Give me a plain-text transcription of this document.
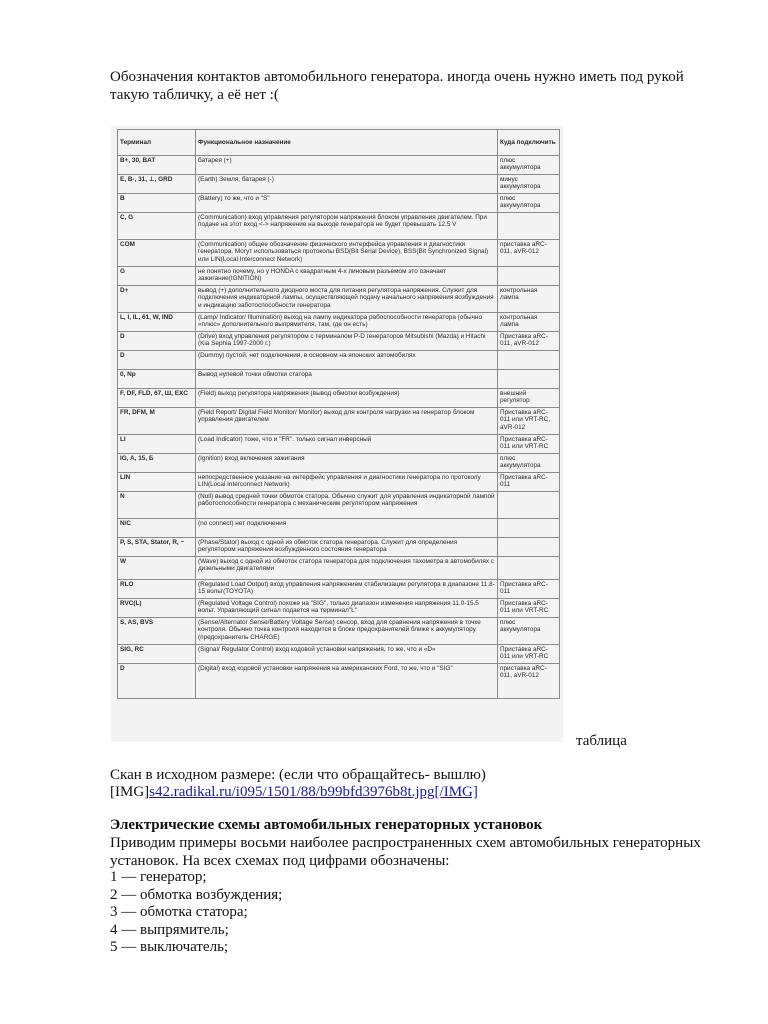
Обозначения контактов автомобильного генератора. иногда очень нужно иметь под рукой такую табличку, а её нет :(

Терминал	Функциональное назначение	Куда подключить
B+, 30, BAT	батарея (+)	плюс аккумулятора
E, B-, 31, ⊥, GRD	(Earth) Земля, батарея (-)	минус аккумулятора
B	(Battery) то же, что и "S"	плюс аккумулятора
C, G	(Communication) вход управления регулятором напряжения блоком управления двигателем. При подаче на этот вход <-> напряжение на выходе генератора не будет превышать 12.5 V	
COM	(Communication) общее обозначение физического интерфейса управления и диагностики генератора. Могут использоваться протоколы BSD(Bit Serial Device), BSS(Bit Synchronized Signal) или LIN(Local Interconnect Network)	приставка aRC-011, aVR-012
G	не понятно почему, но у HONDA с квадратным 4-х пиновым разъемом это означает зажигание(IGNITION)	
D+	вывод (+) дополнительного диодного моста для питания регулятора напряжения. Служит для подключения индикаторной лампы, осуществляющей подачу начального напряжения возбуждения и индикацию заботоспособности генератора	контрольная лампа
L, I, IL, 61, W, IND	(Lamp/ Indicator/ Illumination) выход на лампу индикатора рабоcпособности генератора (обычно «плюс» дополнительного выпрямителя, там, где он есть)	контрольная лампа
D	(Drive) вход управления регулятором с терминалом P-D генераторов Mitsubishi (Mazda) и Hitachi (Kia Sephia 1997-2000 г.)	Приставка aRC-011, aVR-012
D	(Dummy) пустой, нет подключения, в основном на японских автомобилях	
0, Np	Вывод нулевой точки обмотки статора	
F, DF, FLD, 67, Ш, EXC	(Field) выход регулятора напряжения (вывод обмотки возбуждения)	внешний регулятор
FR, DFM, M	(Field Report/ Digital Field Monitor/ Monitor) выход для контроля нагрузки на генератор блоком управления двигателем	Приставка aRC-011 или VRT-RC, aVR-012
LI	(Load Indicator) тоже, что и "FR". только сигнал инверсный	Приставка aRC-011 или VRT-RC
IG, A, 15, Б	(Ignition) вход включения зажигания	плюс аккумулятора
LIN	непосредственное указание на интерфейс управления и диагностики генератора по протоколу LIN(Local Interconnect Network)	Приставка aRC-011
N	(Null) вывод средней точки обмоток статора. Обычно служит для управления индикаторной лампой работоспособности генератора с механическим регулятором напряжения	
N/C	(no connect) нет подключения	
P, S, STA, Stator, R, ~	(Phase/Stator) выход с одной из обмоток статора генератора. Служит для определения регулятором напряжения возбужденного состояния генератора	
W	(Wave) выход с одной из обмоток статора генератора для подключения тахометра в автомобилях с дизельными двигателями	
RLO	(Regulated Load Output) вход управления напряжением стабилизации регулятора в диапазоне 11.8-15 вольт(TOYOTA)	Приставка aRC-011
RVC(L)	(Regulated Voltage Control) похоже на "SIG", только диапазон изменения напряжения 11.0-15.5 вольт. Управляющий сигнал подается на терминал"L"	Приставка aRC-011 или VRT-RC
S, AS, BVS	(Sense/Alternator Sense/Battery Voltage Sense) сенсор, вход для сравнения напряжения в точке контроля. Обычно точка контроля находится в блоке предохранителей ближе к аккумулятору (предохранитель CHARGE)	плюс аккумулятора
SIG, RC	(Signal/ Regulator Control) вход кодовой установки напряжения, то же, что и «D»	Приставка aRC-011 или VRT-RC
D	(Digital) вход кодовой установки напряжения на американских Ford, то же, что и "SIG"	приставка aRC-011, aVR-012

таблица

Скан в исходном размере: (если что обращайтесь- вышлю)

[IMG]s42.radikal.ru/i095/1501/88/b99bfd3976b8t.jpg[/IMG]

Электрические схемы автомобильных генераторных установок

Приводим примеры восьми наиболее распространенных схем автомобильных генераторных установок. На всех схемах под цифрами обозначены:

1 — генератор;
2 — обмотка возбуждения;
3 — обмотка статора;
4 — выпрямитель;
5 — выключатель;
